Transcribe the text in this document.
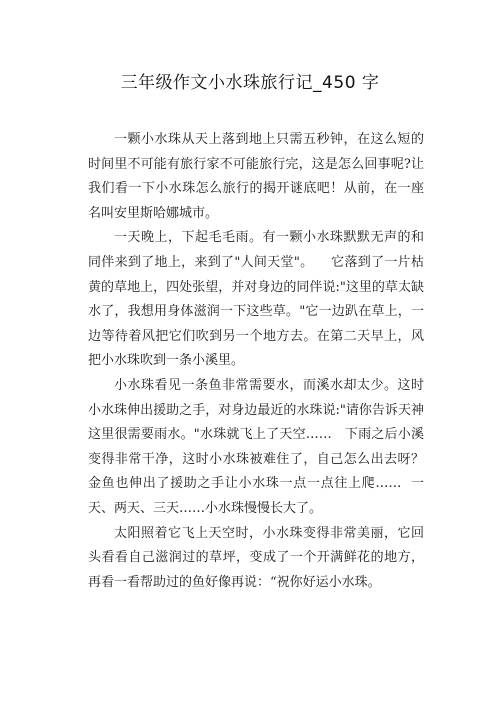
三年级作文小水珠旅行记_450 字

一颗小水珠从天上落到地上只需五秒钟，在这么短的时间里不可能有旅行家不可能旅行完，这是怎么回事呢?让我们看一下小水珠怎么旅行的揭开谜底吧！从前，在一座名叫安里斯哈娜城市。

一天晚上，下起毛毛雨。有一颗小水珠默默无声的和同伴来到了地上，来到了"人间天堂"。    它落到了一片枯黄的草地上，四处张望，并对身边的同伴说:"这里的草太缺水了，我想用身体滋润一下这些草。"它一边趴在草上，一边等待着风把它们吹到另一个地方去。在第二天早上，风把小水珠吹到一条小溪里。

小水珠看见一条鱼非常需要水，而溪水却太少。这时小水珠伸出援助之手，对身边最近的水珠说:"请你告诉天神这里很需要雨水。"水珠就飞上了天空……   下雨之后小溪变得非常干净，这时小水珠被难住了，自己怎么出去呀？金鱼也伸出了援助之手让小水珠一点一点往上爬……  一天、两天、三天……小水珠慢慢长大了。

太阳照着它飞上天空时，小水珠变得非常美丽，它回头看看自己滋润过的草坪，变成了一个开满鲜花的地方，再看一看帮助过的鱼好像再说：“祝你好运小水珠。
